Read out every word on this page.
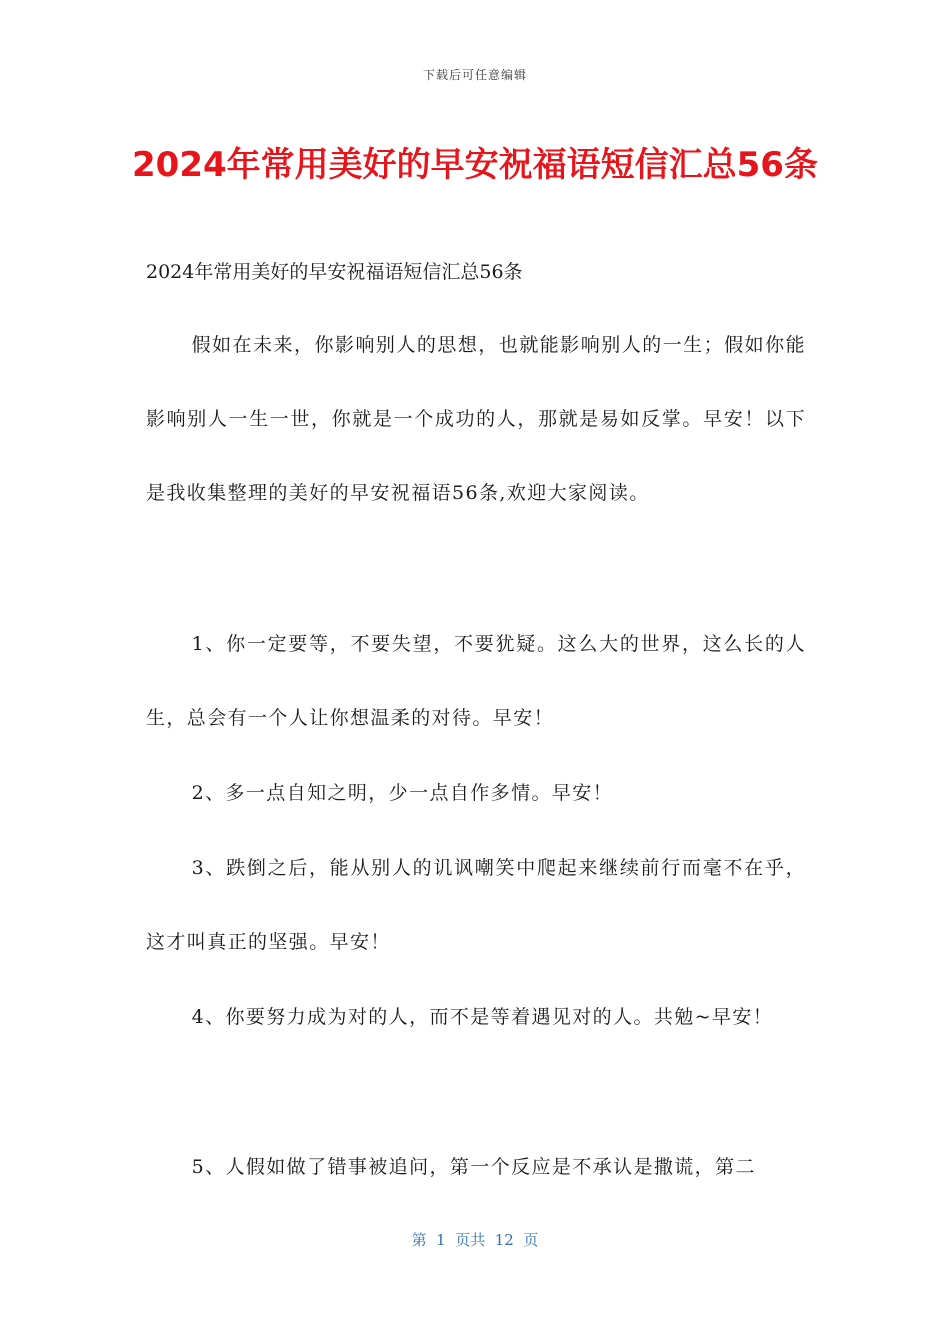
下载后可任意编辑
2024年常用美好的早安祝福语短信汇总56条
2024年常用美好的早安祝福语短信汇总56条

假如在未来，你影响别人的思想，也就能影响别人的一生；假如你能影响别人一生一世，你就是一个成功的人，那就是易如反掌。早安！以下是我收集整理的美好的早安祝福语56条,欢迎大家阅读。

1、你一定要等，不要失望，不要犹疑。这么大的世界，这么长的人生，总会有一个人让你想温柔的对待。早安！

2、多一点自知之明，少一点自作多情。早安！

3、跌倒之后，能从别人的讥讽嘲笑中爬起来继续前行而毫不在乎，这才叫真正的坚强。早安！

4、你要努力成为对的人，而不是等着遇见对的人。共勉~早安！

5、人假如做了错事被追问，第一个反应是不承认是撒谎，第二

第  1  页共  12  页
